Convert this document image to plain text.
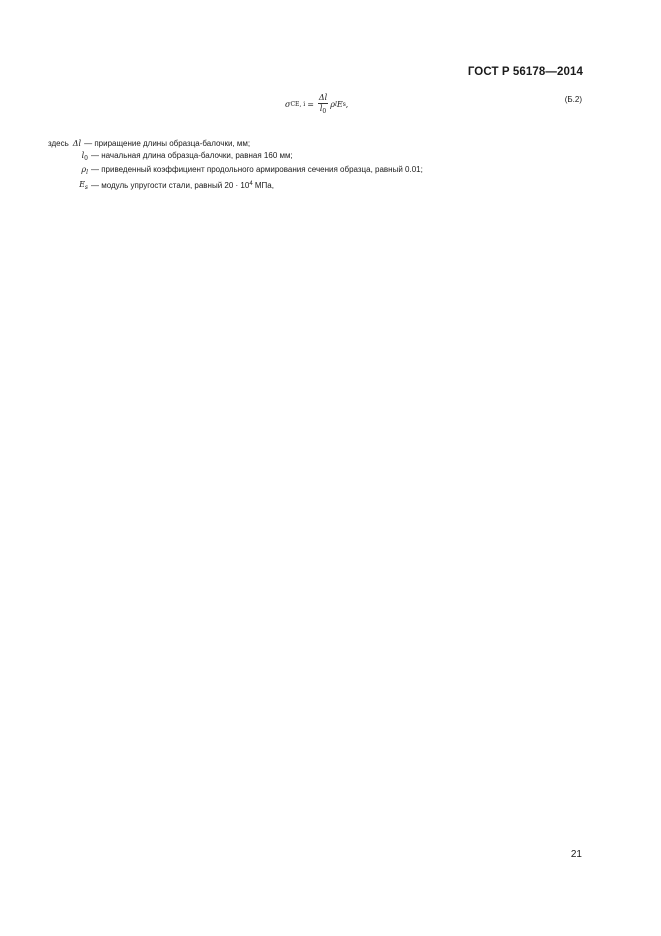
ГОСТ Р 56178—2014
σ CE, $i = \frac{\Delta l}{l_0}$ ρ l E s ,	(Б.2)
здесь Δl — приращение длины образца-балочки, мм;
$l_0$ — начальная длина образца-балочки, равная 160 мм;
$\rho_l$ — приведенный коэффициент продольного армирования сечения образца, равный 0.01;
$E_s$ — модуль упругости стали, равный $20 \cdot 10^4$ МПа,
21
